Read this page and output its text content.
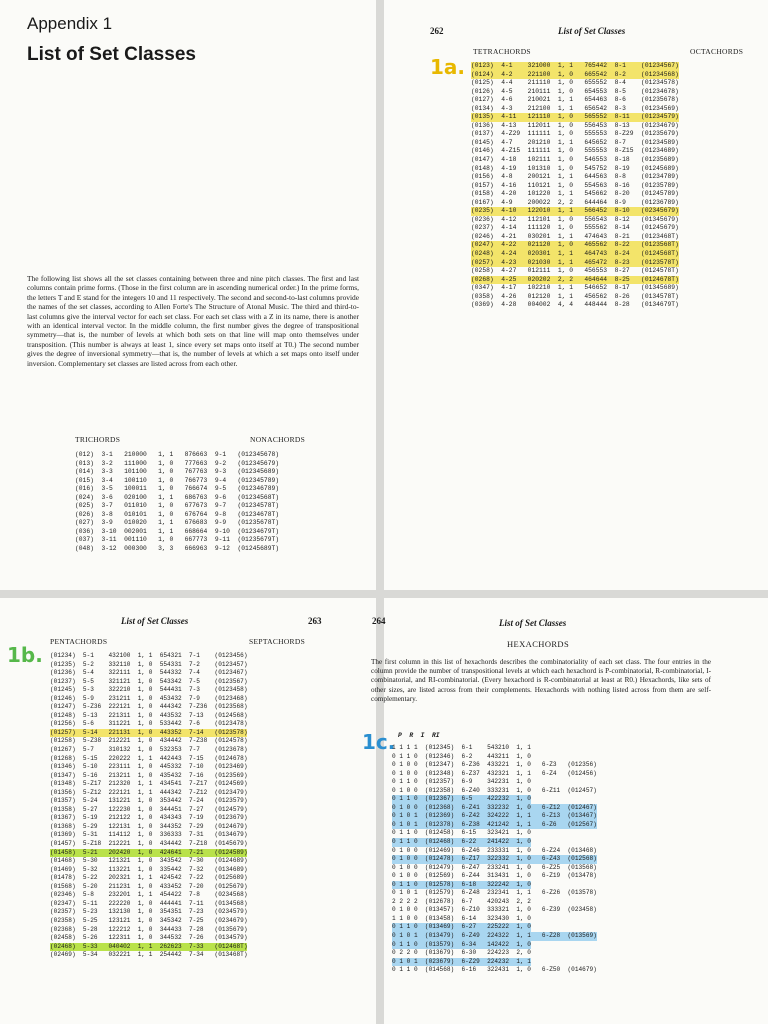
Appendix 1
List of Set Classes
The following list shows all the set classes containing between three and nine pitch classes. The first and last columns contain prime forms. (Those in the first column are in ascending numerical order.) In the prime forms, the letters T and E stand for the integers 10 and 11 respectively. The second and second-to-last columns provide the names of the set classes, according to Allen Forte's The Structure of Atonal Music. The third and third-to-last columns give the interval vector for each set class. For each set class with a Z in its name, there is another with an identical interval vector. In the middle column, the first number gives the degree of transpositional symmetry—that is, the number of levels at which both sets on that line will map onto themselves under transposition. (This number is always at least 1, since every set maps onto itself at T0.) The second number gives the degree of inversional symmetry—that is, the number of levels at which a set maps onto itself under inversion. Complementary set classes are listed across from each other.
TRICHORDS	NONACHORDS
(012)  3-1   210000   1, 1   876663  9-1   (012345678)
(013)  3-2   111000   1, 0   777663  9-2   (012345679)
(014)  3-3   101100   1, 0   767763  9-3   (012345689)
(015)  3-4   100110   1, 0   766773  9-4   (012345789)
(016)  3-5   100011   1, 0   766674  9-5   (012346789)
(024)  3-6   020100   1, 1   686763  9-6   (01234568T)
(025)  3-7   011010   1, 0   677673  9-7   (01234578T)
(026)  3-8   010101   1, 0   676764  9-8   (01234678T)
(027)  3-9   010020   1, 1   676683  9-9   (01235678T)
(036)  3-10  002001   1, 1   668664  9-10  (01234679T)
(037)  3-11  001110   1, 0   667773  9-11  (01235679T)
(048)  3-12  000300   3, 3   666963  9-12  (01245689T)
262	List of Set Classes
TETRACHORDS	OCTACHORDS
1a. (0123)  4-1    321000  1, 1   765442  8-1    (01234567)
(0124)  4-2    221100  1, 0   665542  8-2    (01234568)
(0125)  4-4    211110  1, 0   655552  8-4    (01234578)
(0126)  4-5    210111  1, 0   654553  8-5    (01234678)
(0127)  4-6    210021  1, 1   654463  8-6    (01235678)
(0134)  4-3    212100  1, 1   656542  8-3    (01234569)
(0135)  4-11   121110  1, 0   565552  8-11   (01234579)
(0136)  4-13   112011  1, 0   556453  8-13   (01234679)
(0137)  4-Z29  111111  1, 0   555553  8-Z29  (01235679)
(0145)  4-7    201210  1, 1   645652  8-7    (01234589)
(0146)  4-Z15  111111  1, 0   555553  8-Z15  (01234689)
(0147)  4-18   102111  1, 0   546553  8-18   (01235689)
(0148)  4-19   101310  1, 0   545752  8-19   (01245689)
(0156)  4-8    200121  1, 1   644563  8-8    (01234789)
(0157)  4-16   110121  1, 0   554563  8-16   (01235789)
(0158)  4-20   101220  1, 1   545662  8-20   (01245789)
(0167)  4-9    200022  2, 2   644464  8-9    (01236789)
(0235)  4-10   122010  1, 1   566452  8-10   (02345679)
(0236)  4-12   112101  1, 0   556543  8-12   (01345679)
(0237)  4-14   111120  1, 0   555562  8-14   (01245679)
(0246)  4-21   030201  1, 1   474643  8-21   (0123468T)
(0247)  4-22   021120  1, 0   465562  8-22   (0123568T)
(0248)  4-24   020301  1, 1   464743  8-24   (0124568T)
(0257)  4-23   021030  1, 1   465472  8-23   (0123578T)
(0258)  4-27   012111  1, 0   456553  8-27   (0124578T)
(0268)  4-25   020202  2, 2   464644  8-25   (0124678T)
(0347)  4-17   102210  1, 1   546652  8-17   (01345689)
(0358)  4-26   012120  1, 1   456562  8-26   (0134578T)
(0369)  4-28   004002  4, 4   448444  8-28   (0134679T)
List of Set Classes	263
PENTACHORDS	SEPTACHORDS
1b. (01234)  5-1    432100  1, 1  654321  7-1    (0123456)
(01235)  5-2    332110  1, 0  554331  7-2    (0123457)
(01236)  5-4    322111  1, 0  544332  7-4    (0123467)
(01237)  5-5    321121  1, 0  543342  7-5    (0123567)
(01245)  5-3    322210  1, 0  544431  7-3    (0123458)
(01246)  5-9    231211  1, 0  453432  7-9    (0123468)
(01247)  5-Z36  222121  1, 0  444342  7-Z36  (0123568)
(01248)  5-13   221311  1, 0  443532  7-13   (0124568)
(01256)  5-6    311221  1, 0  533442  7-6    (0123478)
(01257)  5-14   221131  1, 0  443352  7-14   (0123578)
(01258)  5-Z38  212221  1, 0  434442  7-Z38  (0124578)
(01267)  5-7    310132  1, 0  532353  7-7    (0123678)
(01268)  5-15   220222  1, 1  442443  7-15   (0124678)
(01346)  5-10   223111  1, 0  445332  7-10   (0123469)
(01347)  5-16   213211  1, 0  435432  7-16   (0123569)
(01348)  5-Z17  212320  1, 1  434541  7-Z17  (0124569)
(01356)  5-Z12  222121  1, 1  444342  7-Z12  (0123479)
(01357)  5-24   131221  1, 0  353442  7-24   (0123579)
(01358)  5-27   122230  1, 0  344451  7-27   (0124579)
(01367)  5-19   212122  1, 0  434343  7-19   (0123679)
(01368)  5-29   122131  1, 0  344352  7-29   (0124679)
(01369)  5-31   114112  1, 0  336333  7-31   (0134679)
(01457)  5-Z18  212221  1, 0  434442  7-Z18  (0145679)
(01458)  5-21   202420  1, 0  424641  7-21   (0124589)
(01468)  5-30   121321  1, 0  343542  7-30   (0124689)
(01469)  5-32   113221  1, 0  335442  7-32   (0134689)
(01478)  5-22   202321  1, 1  424542  7-22   (0125689)
(01568)  5-20   211231  1, 0  433452  7-20   (0125679)
(02346)  5-8    232201  1, 1  454422  7-8    (0234568)
(02347)  5-11   222220  1, 0  444441  7-11   (0134568)
(02357)  5-23   132130  1, 0  354351  7-23   (0234579)
(02358)  5-25   123121  1, 0  345342  7-25   (0234679)
(02368)  5-28   122212  1, 0  344433  7-28   (0135679)
(02458)  5-26   122311  1, 0  344532  7-26   (0134579)
(02468)  5-33   040402  1, 1  262623  7-33   (012468T)
(02469)  5-34   032221  1, 1  254442  7-34   (013468T)
264	List of Set Classes
HEXACHORDS
The first column in this list of hexachords describes the combinatoriality of each set class. The four entries in the column provide the number of transpositional levels at which each hexachord is P-combinatorial, R-combinatorial, I-combinatorial, and RI-combinatorial. (Every hexachord is R-combinatorial at least at R0.) Hexachords, like sets of other sizes, are listed across from their complements. Hexachords with nothing listed across from them are self-complementary.
1c. P  R  I  RI
1 1 1 1  (012345)  6-1    543210  1, 1
0 1 1 0  (012346)  6-2    443211  1, 0
0 1 0 0  (012347)  6-Z36  433221  1, 0   6-Z3   (012356)
0 1 0 0  (012348)  6-Z37  432321  1, 1   6-Z4   (012456)
0 1 1 0  (012357)  6-9    342231  1, 0
0 1 0 0  (012358)  6-Z40  333231  1, 0   6-Z11  (012457)
0 1 1 0  (012367)  6-5    422232  1, 0
0 1 0 0  (012368)  6-Z41  332232  1, 0   6-Z12  (012467)
0 1 0 1  (012369)  6-Z42  324222  1, 1   6-Z13  (013467)
0 1 0 1  (012378)  6-Z38  421242  1, 1   6-Z6   (012567)
0 1 1 0  (012458)  6-15   323421  1, 0
0 1 1 0  (012468)  6-22   241422  1, 0
0 1 0 0  (012469)  6-Z46  233331  1, 0   6-Z24  (013468)
0 1 0 0  (012478)  6-Z17  322332  1, 0   6-Z43  (012568)
0 1 0 0  (012479)  6-Z47  233241  1, 0   6-Z25  (013568)
0 1 0 0  (012569)  6-Z44  313431  1, 0   6-Z19  (013478)
0 1 1 0  (012578)  6-18   322242  1, 0
0 1 0 1  (012579)  6-Z48  232341  1, 1   6-Z26  (013578)
2 2 2 2  (012678)  6-7    420243  2, 2
0 1 0 0  (013457)  6-Z10  333321  1, 0   6-Z39  (023458)
1 1 0 0  (013458)  6-14   323430  1, 0
0 1 1 0  (013469)  6-27   225222  1, 0
0 1 0 1  (013479)  6-Z49  224322  1, 1   6-Z28  (013569)
0 1 1 0  (013579)  6-34   142422  1, 0
0 2 2 0  (013679)  6-30   224223  2, 0
0 1 0 1  (023679)  6-Z29  224232  1, 1
0 1 1 0  (014568)  6-16   322431  1, 0   6-Z50  (014679)
